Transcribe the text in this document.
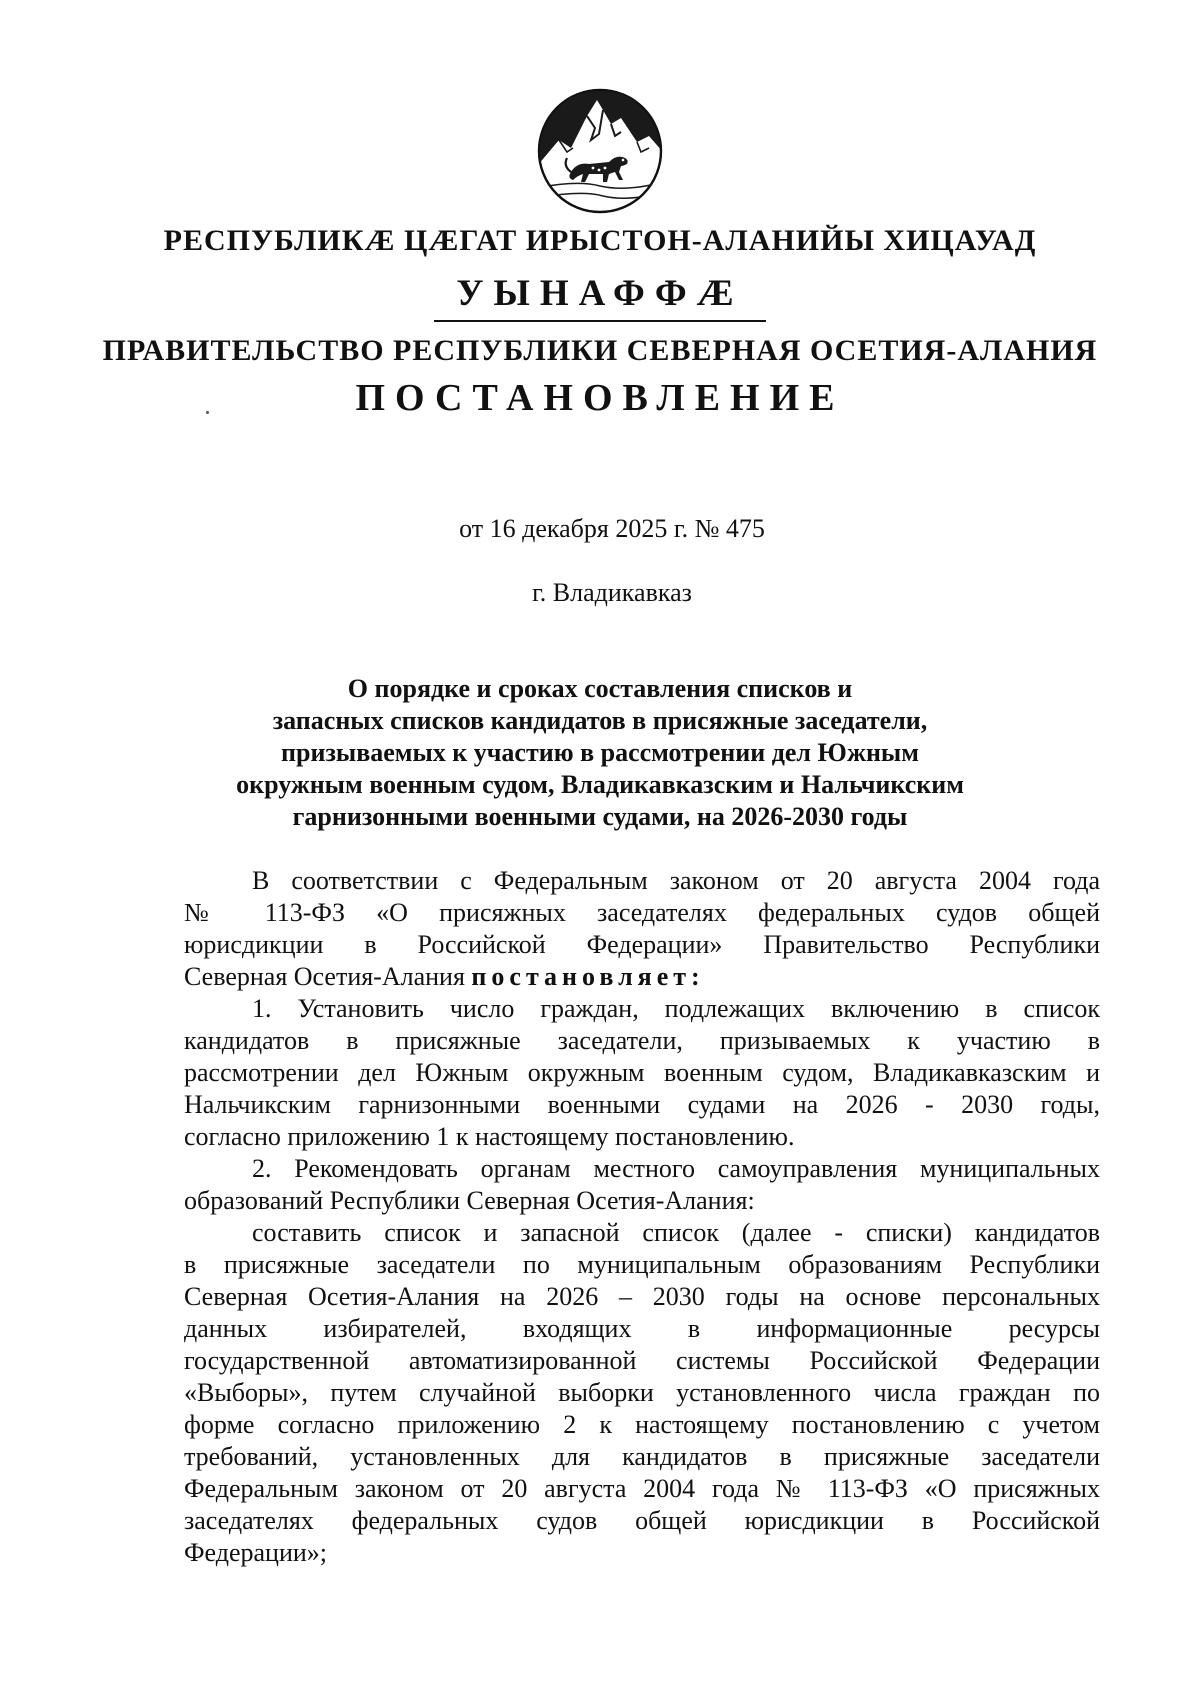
РЕСПУБЛИКӔ ЦӔГАТ ИРЫСТОН-АЛАНИЙЫ ХИЦАУАД
УЫНАФФӔ
ПРАВИТЕЛЬСТВО РЕСПУБЛИКИ СЕВЕРНАЯ ОСЕТИЯ-АЛАНИЯ
ПОСТАНОВЛЕНИЕ
от 16 декабря 2025 г. № 475
г. Владикавказ
О порядке и сроках составления списков и
запасных списков кандидатов в присяжные заседатели,
призываемых к участию в рассмотрении дел Южным
окружным военным судом, Владикавказским и Нальчикским
гарнизонными военными судами, на 2026-2030 годы
В соответствии с Федеральным законом от 20 августа 2004 года
№ 113-ФЗ «О присяжных заседателях федеральных судов общей
юрисдикции в Российской Федерации» Правительство Республики
Северная Осетия-Алания постановляет:
1. Установить число граждан, подлежащих включению в список
кандидатов в присяжные заседатели, призываемых к участию в
рассмотрении дел Южным окружным военным судом, Владикавказским и
Нальчикским гарнизонными военными судами на 2026 - 2030 годы,
согласно приложению 1 к настоящему постановлению.
2. Рекомендовать органам местного самоуправления муниципальных
образований Республики Северная Осетия-Алания:
составить список и запасной список (далее - списки) кандидатов
в присяжные заседатели по муниципальным образованиям Республики
Северная Осетия-Алания на 2026 – 2030 годы на основе персональных
данных избирателей, входящих в информационные ресурсы
государственной автоматизированной системы Российской Федерации
«Выборы», путем случайной выборки установленного числа граждан по
форме согласно приложению 2 к настоящему постановлению с учетом
требований, установленных для кандидатов в присяжные заседатели
Федеральным законом от 20 августа 2004 года № 113-ФЗ «О присяжных
заседателях федеральных судов общей юрисдикции в Российской
Федерации»;
